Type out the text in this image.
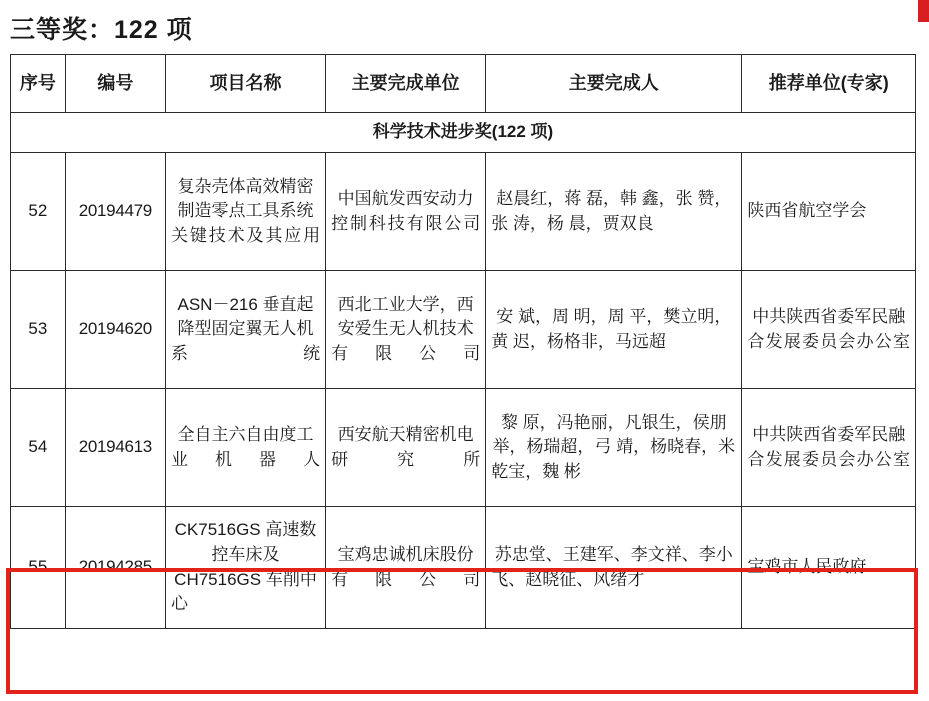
三等奖：122 项
序号	编号	项目名称	主要完成单位	主要完成人	推荐单位(专家)
科学技术进步奖(122 项)					
52	20194479	复杂壳体高效精密制造零点工具系统关键技术及其应用	中国航发西安动力控制科技有限公司	赵晨红，蒋 磊，韩 鑫，张 赞，张 涛，杨 晨，贾双良	陕西省航空学会
53	20194620	ASN－216 垂直起降型固定翼无人机系统	西北工业大学，西安爱生无人机技术有限公司	安 斌，周 明，周 平，樊立明，黄 迟，杨格非，马远超	中共陕西省委军民融合发展委员会办公室
54	20194613	全自主六自由度工业机器人	西安航天精密机电研究所	黎 原，冯艳丽，凡银生，侯朋举，杨瑞超，弓 靖，杨晓春，米乾宝，魏 彬	中共陕西省委军民融合发展委员会办公室
55	20194285	CK7516GS 高速数控车床及CH7516GS 车削中心	宝鸡忠诚机床股份有限公司	苏忠堂、王建军、李文祥、李小飞、赵晓征、风绪才	宝鸡市人民政府
